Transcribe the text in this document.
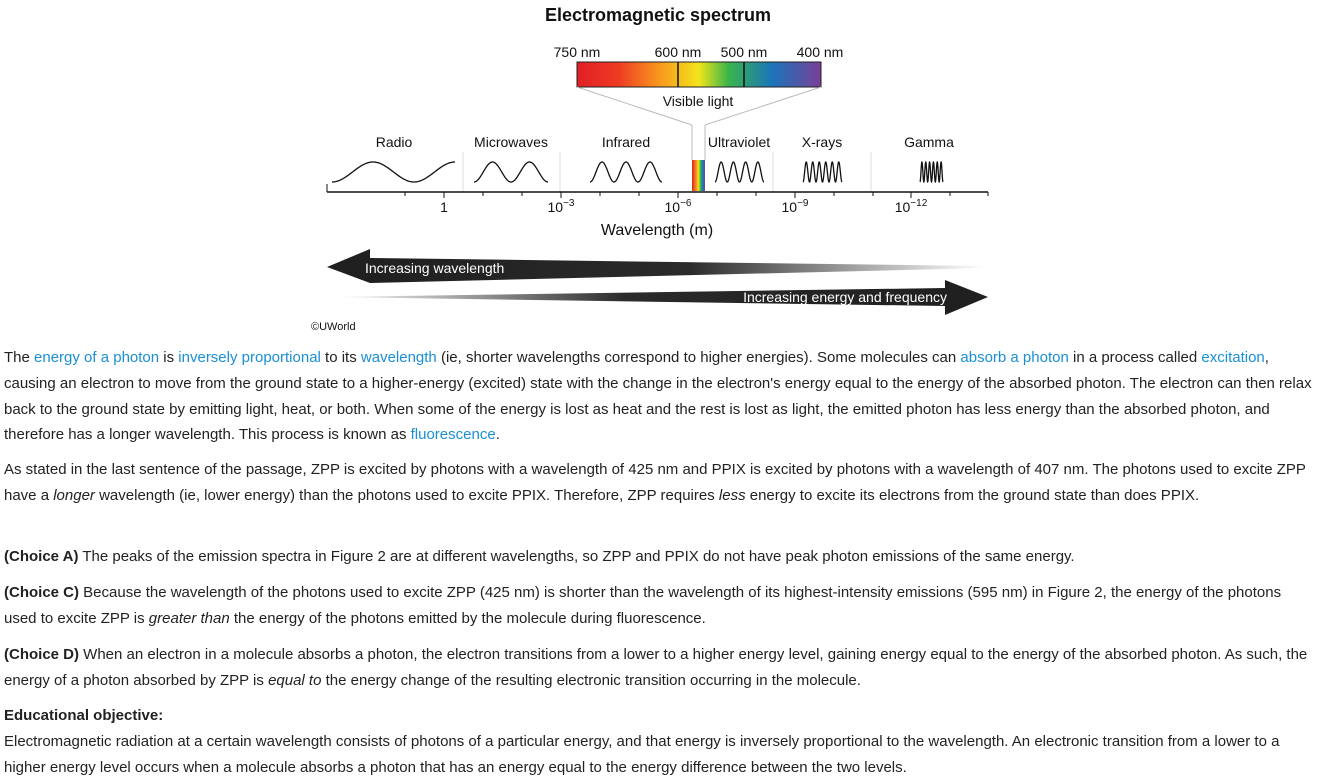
Electromagnetic spectrum
750 nm	600 nm 500 nm 400 nm
Visible light
Radio	Microwaves	Infrared	Ultraviolet X-rays	Gamma
1	$10^{-3}$	$10^{-6}$	$10^{-9}$	$10^{-12}$
Wavelength (m)
Increasing wavelength
Increasing energy and frequency
©UWorld

The energy of a photon is inversely proportional to its wavelength (ie, shorter wavelengths correspond to higher energies). Some molecules can absorb a photon in a process called excitation, causing an electron to move from the ground state to a higher-energy (excited) state with the change in the electron's energy equal to the energy of the absorbed photon. The electron can then relax back to the ground state by emitting light, heat, or both. When some of the energy is lost as heat and the rest is lost as light, the emitted photon has less energy than the absorbed photon, and therefore has a longer wavelength. This process is known as fluorescence.

As stated in the last sentence of the passage, ZPP is excited by photons with a wavelength of 425 nm and PPIX is excited by photons with a wavelength of 407 nm. The photons used to excite ZPP have a longer wavelength (ie, lower energy) than the photons used to excite PPIX. Therefore, ZPP requires less energy to excite its electrons from the ground state than does PPIX.

(Choice A) The peaks of the emission spectra in Figure 2 are at different wavelengths, so ZPP and PPIX do not have peak photon emissions of the same energy.

(Choice C) Because the wavelength of the photons used to excite ZPP (425 nm) is shorter than the wavelength of its highest-intensity emissions (595 nm) in Figure 2, the energy of the photons used to excite ZPP is greater than the energy of the photons emitted by the molecule during fluorescence.

(Choice D) When an electron in a molecule absorbs a photon, the electron transitions from a lower to a higher energy level, gaining energy equal to the energy of the absorbed photon. As such, the energy of a photon absorbed by ZPP is equal to the energy change of the resulting electronic transition occurring in the molecule.

Educational objective:
Electromagnetic radiation at a certain wavelength consists of photons of a particular energy, and that energy is inversely proportional to the wavelength. An electronic transition from a lower to a higher energy level occurs when a molecule absorbs a photon that has an energy equal to the energy difference between the two levels.
